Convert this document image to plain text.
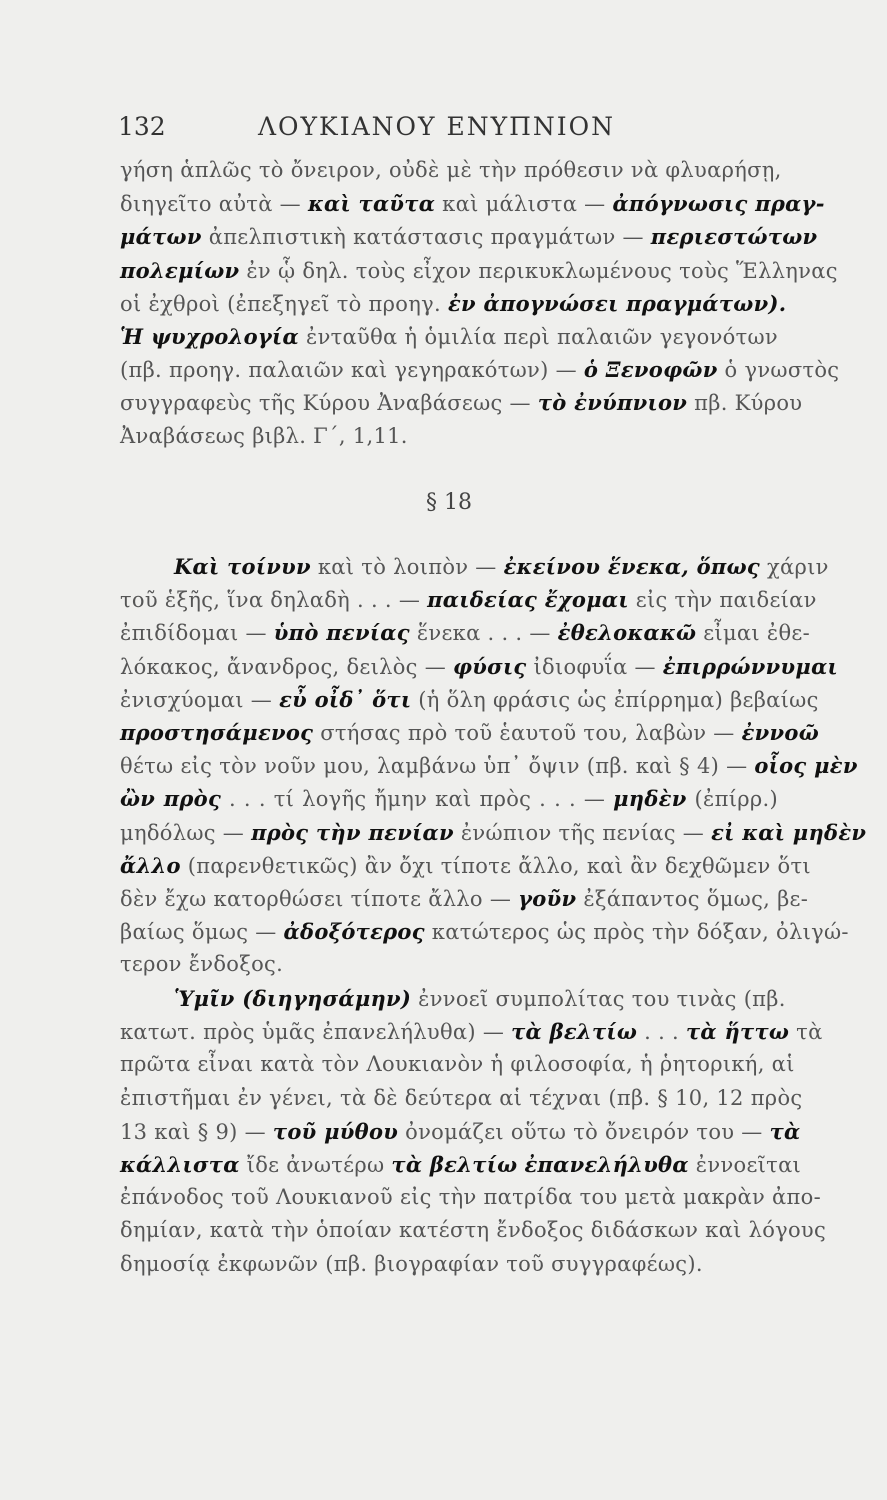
132	ΛΟΥΚΙΑΝΟΥ ΕΝΥΠΝΙΟΝ
γήση ἁπλῶς τὸ ὄνειρον, οὐδὲ μὲ τὴν πρόθεσιν νὰ φλυαρήσῃ,
διηγεῖτο αὐτὰ — καὶ ταῦτα καὶ μάλιστα — ἀπόγνωσις πραγ-
μάτων ἀπελπιστικὴ κατάστασις πραγμάτων — περιεστώτων
πολεμίων ἐν ᾧ δηλ. τοὺς εἶχον περικυκλωμένους τοὺς Ἕλληνας
οἱ ἐχθροὶ (ἐπεξηγεῖ τὸ προηγ. ἐν ἀπογνώσει πραγμάτων).
Ἡ ψυχρολογία ἐνταῦθα ἡ ὁμιλία περὶ παλαιῶν γεγονότων
(πβ. προηγ. παλαιῶν καὶ γεγηρακότων) — ὁ Ξενοφῶν ὁ γνωστὸς
συγγραφεὺς τῆς Κύρου Ἀναβάσεως — τὸ ἐνύπνιον πβ. Κύρου
Ἀναβάσεως βιβλ. Γ΄, 1,11.
§ 18
Καὶ τοίνυν καὶ τὸ λοιπὸν — ἐκείνου ἕνεκα, ὅπως χάριν
τοῦ ἑξῆς, ἵνα δηλαδὴ . . . — παιδείας ἔχομαι εἰς τὴν παιδείαν
ἐπιδίδομαι — ὑπὸ πενίας ἕνεκα . . . — ἐθελοκακῶ εἶμαι ἐθε-
λόκακος, ἄνανδρος, δειλὸς — φύσις ἰδιοφυΐα — ἐπιρρώννυμαι
ἐνισχύομαι — εὖ οἶδ᾽ ὅτι (ἡ ὅλη φράσις ὡς ἐπίρρημα) βεβαίως
προστησάμενος στήσας πρὸ τοῦ ἑαυτοῦ του, λαβὼν — ἐννοῶ
θέτω εἰς τὸν νοῦν μου, λαμβάνω ὑπ᾽ ὄψιν (πβ. καὶ § 4) — οἷος μὲν
ὢν πρὸς . . . τί λογῆς ἤμην καὶ πρὸς . . . — μηδὲν (ἐπίρρ.)
μηδόλως — πρὸς τὴν πενίαν ἐνώπιον τῆς πενίας — εἰ καὶ μηδὲν
ἄλλο (παρενθετικῶς) ἂν ὄχι τίποτε ἄλλο, καὶ ἂν δεχθῶμεν ὅτι
δὲν ἔχω κατορθώσει τίποτε ἄλλο — γοῦν ἐξάπαντος ὅμως, βε-
βαίως ὅμως — ἀδοξότερος κατώτερος ὡς πρὸς τὴν δόξαν, ὀλιγώ-
τερον ἔνδοξος.
Ὑμῖν (διηγησάμην) ἐννοεῖ συμπολίτας του τινὰς (πβ.
κατωτ. πρὸς ὑμᾶς ἐπανελήλυθα) — τὰ βελτίω . . . τὰ ἥττω τὰ
πρῶτα εἶναι κατὰ τὸν Λουκιανὸν ἡ φιλοσοφία, ἡ ῥητορική, αἱ
ἐπιστῆμαι ἐν γένει, τὰ δὲ δεύτερα αἱ τέχναι (πβ. § 10, 12 πρὸς
13 καὶ § 9) — τοῦ μύθου ὀνομάζει οὕτω τὸ ὄνειρόν του — τὰ
κάλλιστα ἴδε ἀνωτέρω τὰ βελτίω ἐπανελήλυθα ἐννοεῖται
ἐπάνοδος τοῦ Λουκιανοῦ εἰς τὴν πατρίδα του μετὰ μακρὰν ἀπο-
δημίαν, κατὰ τὴν ὁποίαν κατέστη ἔνδοξος διδάσκων καὶ λόγους
δημοσίᾳ ἐκφωνῶν (πβ. βιογραφίαν τοῦ συγγραφέως).
